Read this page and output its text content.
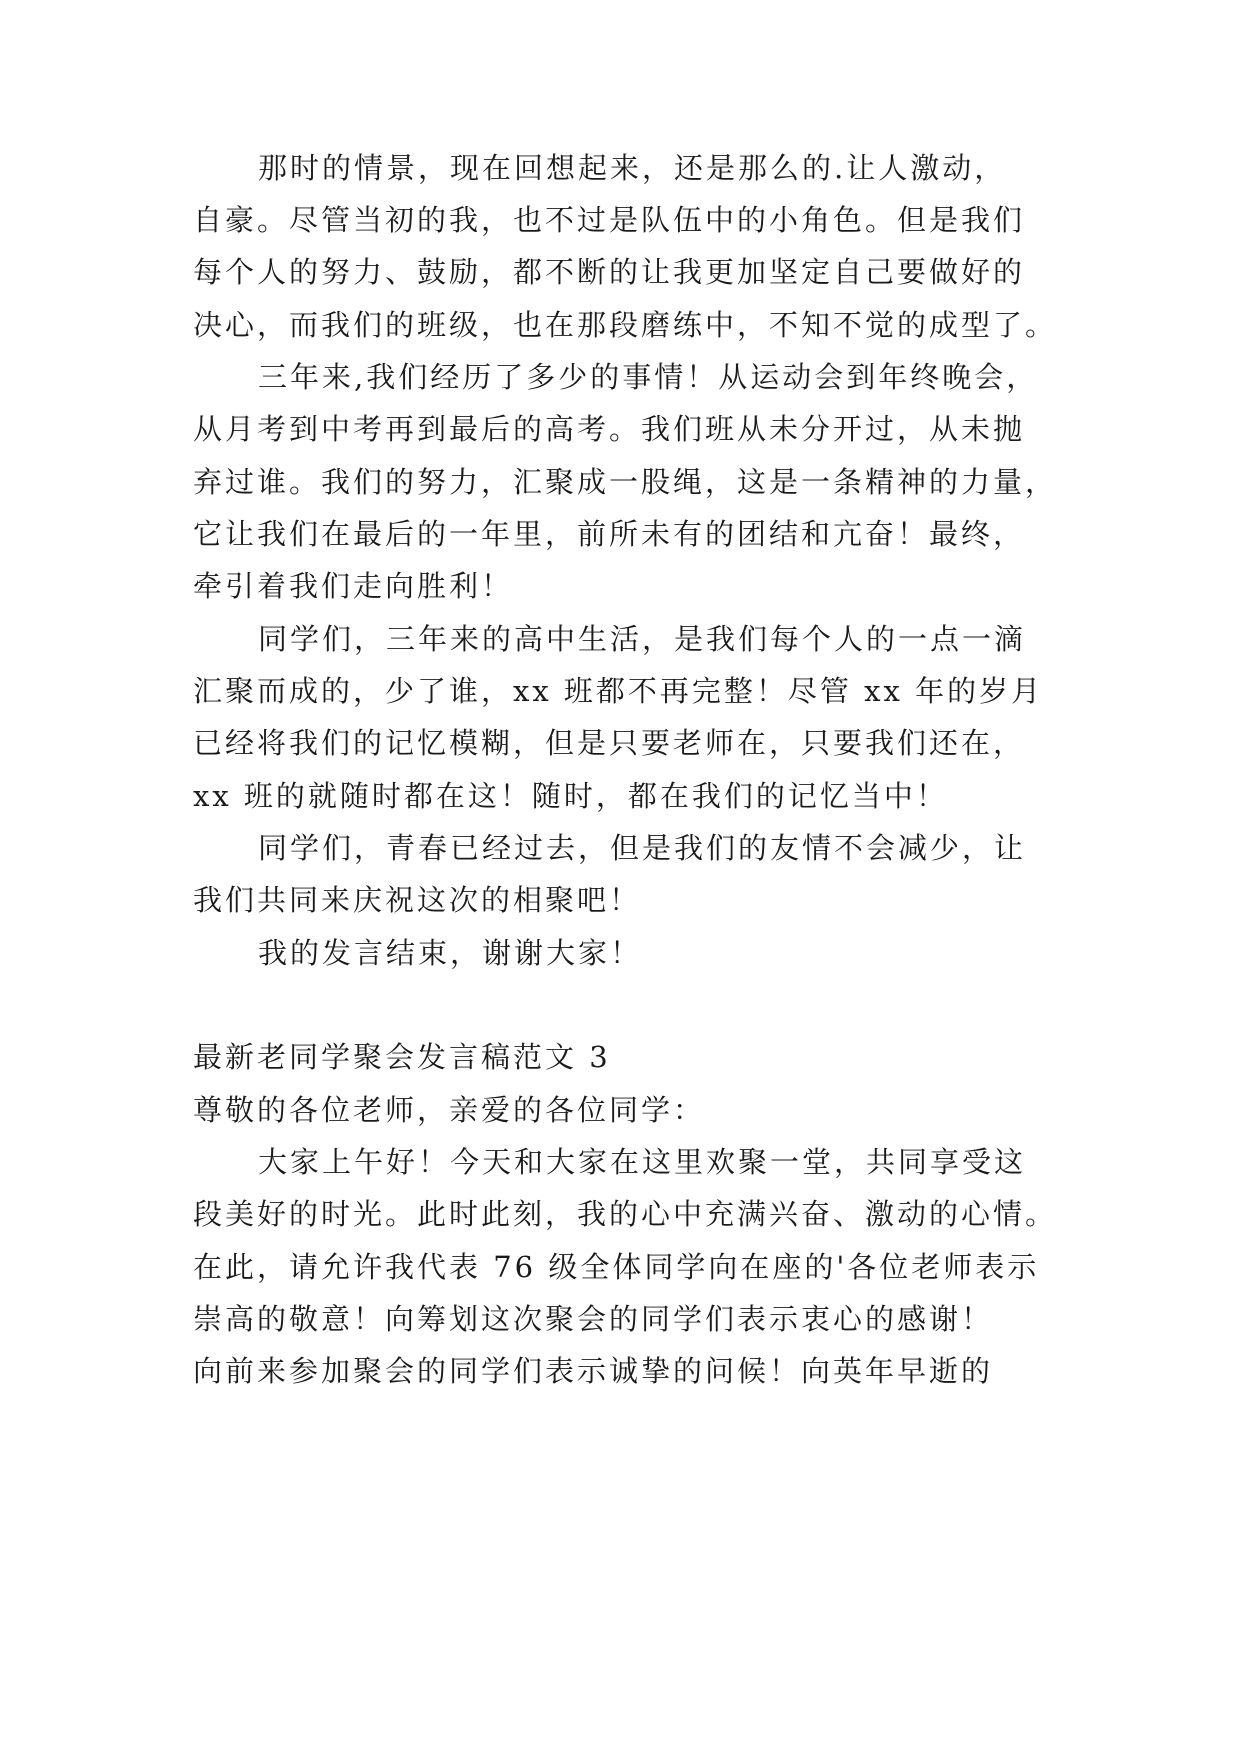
那时的情景，现在回想起来，还是那么的.让人激动，
自豪。尽管当初的我，也不过是队伍中的小角色。但是我们
每个人的努力、鼓励，都不断的让我更加坚定自己要做好的
决心，而我们的班级，也在那段磨练中，不知不觉的成型了。
三年来,我们经历了多少的事情！从运动会到年终晚会，
从月考到中考再到最后的高考。我们班从未分开过，从未抛
弃过谁。我们的努力，汇聚成一股绳，这是一条精神的力量，
它让我们在最后的一年里，前所未有的团结和亢奋！最终，
牵引着我们走向胜利！
同学们，三年来的高中生活，是我们每个人的一点一滴
汇聚而成的，少了谁，xx 班都不再完整！尽管 xx 年的岁月
已经将我们的记忆模糊，但是只要老师在，只要我们还在，
xx 班的就随时都在这！随时，都在我们的记忆当中！
同学们，青春已经过去，但是我们的友情不会减少，让
我们共同来庆祝这次的相聚吧！
我的发言结束，谢谢大家！
最新老同学聚会发言稿范文 3
尊敬的各位老师，亲爱的各位同学：
大家上午好！今天和大家在这里欢聚一堂，共同享受这
段美好的时光。此时此刻，我的心中充满兴奋、激动的心情。
在此，请允许我代表 76 级全体同学向在座的'各位老师表示
崇高的敬意！向筹划这次聚会的同学们表示衷心的感谢！
向前来参加聚会的同学们表示诚挚的问候！向英年早逝的
